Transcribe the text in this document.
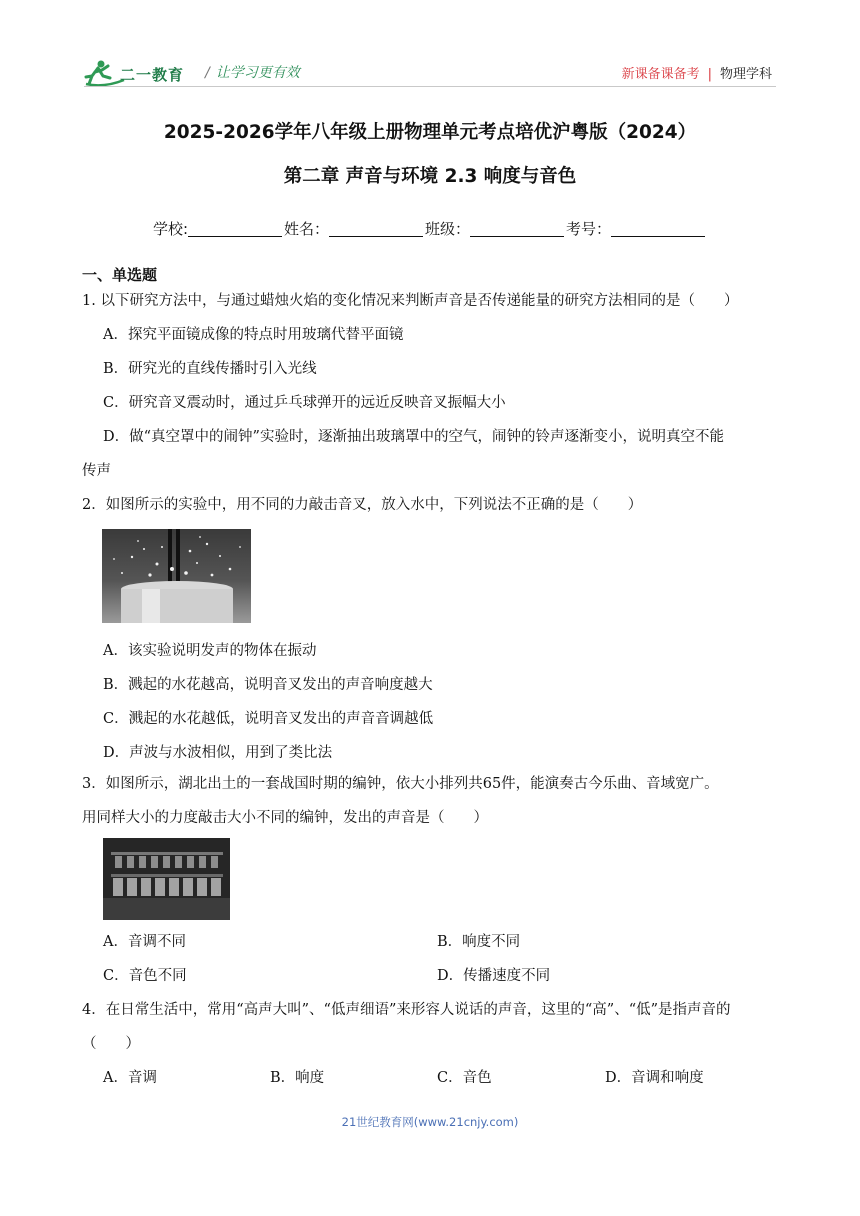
二一教育 / 让学习更有效	新课备课备考 | 物理学科
2025-2026学年八年级上册物理单元考点培优沪粤版（2024）
第二章 声音与环境 2.3 响度与音色
学校:	姓名：	班级：	考号：
一、单选题
1. 以下研究方法中，与通过蜡烛火焰的变化情况来判断声音是否传递能量的研究方法相同的是（　　）
A．探究平面镜成像的特点时用玻璃代替平面镜
B．研究光的直线传播时引入光线
C．研究音叉震动时，通过乒乓球弹开的远近反映音叉振幅大小
D．做“真空罩中的闹钟”实验时，逐渐抽出玻璃罩中的空气，闹钟的铃声逐渐变小，说明真空不能
传声
2．如图所示的实验中，用不同的力敲击音叉，放入水中，下列说法不正确的是（　　）
A．该实验说明发声的物体在振动
B．溅起的水花越高，说明音叉发出的声音响度越大
C．溅起的水花越低，说明音叉发出的声音音调越低
D．声波与水波相似，用到了类比法
3．如图所示，湖北出土的一套战国时期的编钟，依大小排列共65件，能演奏古今乐曲、音域宽广。
用同样大小的力度敲击大小不同的编钟，发出的声音是（　　）
A．音调不同	B．响度不同
C．音色不同	D．传播速度不同
4．在日常生活中，常用“高声大叫”、“低声细语”来形容人说话的声音，这里的“高”、“低”是指声音的
（　　）
A．音调	B．响度	C．音色	D．音调和响度
21世纪教育网(www.21cnjy.com)
